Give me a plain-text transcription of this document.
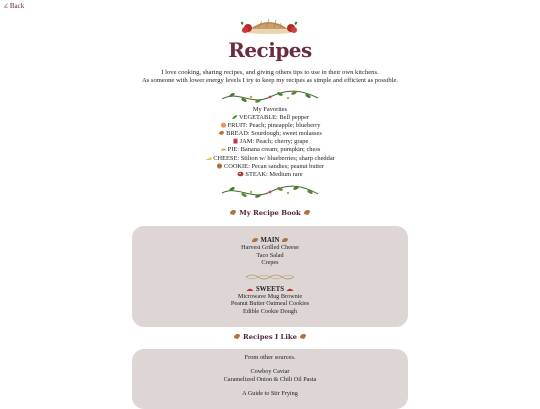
∠ Back
Recipes
I love cooking, sharing recipes, and giving others tips to use in their own kitchens.
As someone with lower energy levels I try to keep my recipes as simple and efficient as possible.
My Favorites
VEGETABLE: Bell pepper
FRUIT: Peach; pineapple; blueberry
BREAD: Sourdough; sweet molasses
JAM: Peach; cherry; grape
PIE: Banana cream; pumpkin; chess
CHEESE: Stilton w/ blueberries; sharp cheddar
COOKIE: Pecan sandies; peanut butter
STEAK: Medium rare
My Recipe Book
MAIN
Harvest Grilled Cheese
Taco Salad
Crepes
SWEETS
Microwave Mug Brownie
Peanut Butter Oatmeal Cookies
Edible Cookie Dough
Recipes I Like
From other sources.
Cowboy Caviar
Caramelized Onion & Chili Oil Pasta
A Guide to Stir Frying
